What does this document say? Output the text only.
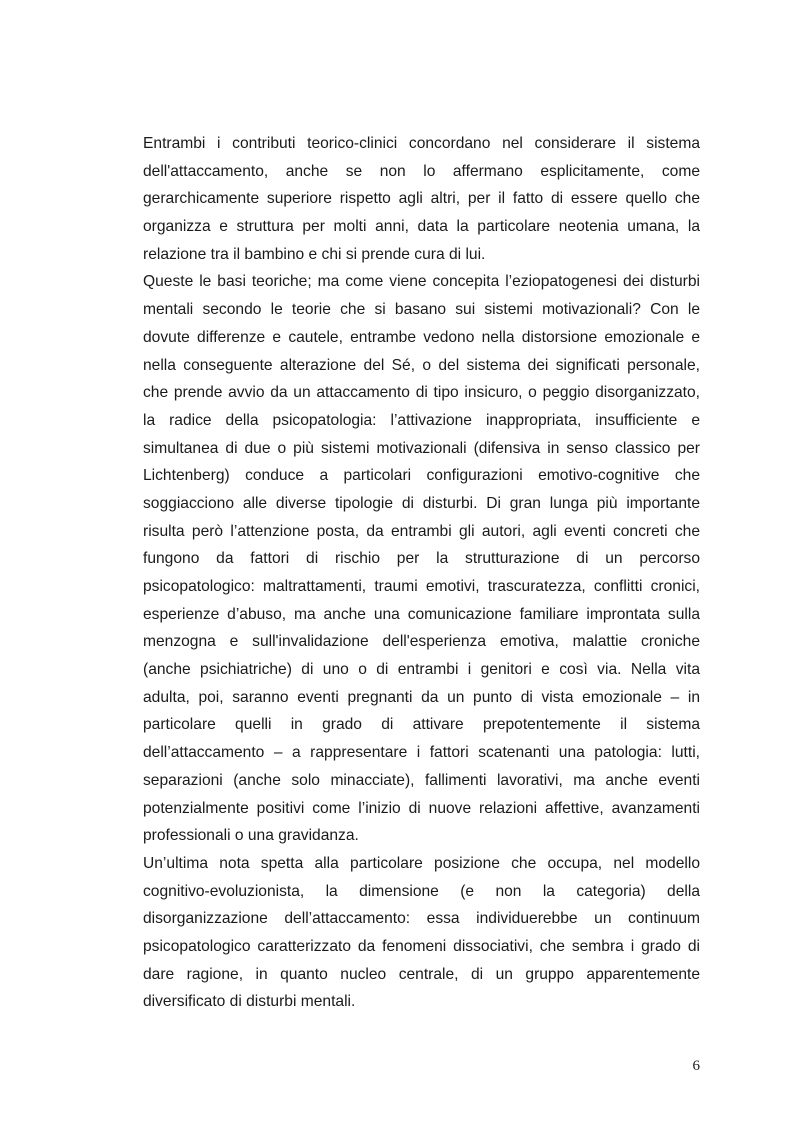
Entrambi i contributi teorico-clinici concordano nel considerare il sistema
dell'attaccamento, anche se non lo affermano esplicitamente, come
gerarchicamente superiore rispetto agli altri, per il fatto di essere quello che
organizza e struttura per molti anni, data la particolare neotenia umana, la
relazione tra il bambino e chi si prende cura di lui.
Queste le basi teoriche; ma come viene concepita l’eziopatogenesi dei disturbi
mentali secondo le teorie che si basano sui sistemi motivazionali? Con le
dovute differenze e cautele, entrambe vedono nella distorsione emozionale e
nella conseguente alterazione del Sé, o del sistema dei significati personale,
che prende avvio da un attaccamento di tipo insicuro, o peggio disorganizzato,
la radice della psicopatologia: l’attivazione inappropriata, insufficiente e
simultanea di due o più sistemi motivazionali (difensiva in senso classico per
Lichtenberg) conduce a particolari configurazioni emotivo-cognitive che
soggiacciono alle diverse tipologie di disturbi. Di gran lunga più importante
risulta però l’attenzione posta, da entrambi gli autori, agli eventi concreti che
fungono da fattori di rischio per la strutturazione di un percorso
psicopatologico: maltrattamenti, traumi emotivi, trascuratezza, conflitti cronici,
esperienze d’abuso, ma anche una comunicazione familiare improntata sulla
menzogna e sull'invalidazione dell'esperienza emotiva, malattie croniche
(anche psichiatriche) di uno o di entrambi i genitori e così via. Nella vita
adulta, poi, saranno eventi pregnanti da un punto di vista emozionale – in
particolare quelli in grado di attivare prepotentemente il sistema
dell’attaccamento – a rappresentare i fattori scatenanti una patologia: lutti,
separazioni (anche solo minacciate), fallimenti lavorativi, ma anche eventi
potenzialmente positivi come l’inizio di nuove relazioni affettive, avanzamenti
professionali o una gravidanza.
Un’ultima nota spetta alla particolare posizione che occupa, nel modello
cognitivo-evoluzionista, la dimensione (e non la categoria) della
disorganizzazione dell’attaccamento: essa individuerebbe un continuum
psicopatologico caratterizzato da fenomeni dissociativi, che sembra i grado di
dare ragione, in quanto nucleo centrale, di un gruppo apparentemente
diversificato di disturbi mentali.
6
